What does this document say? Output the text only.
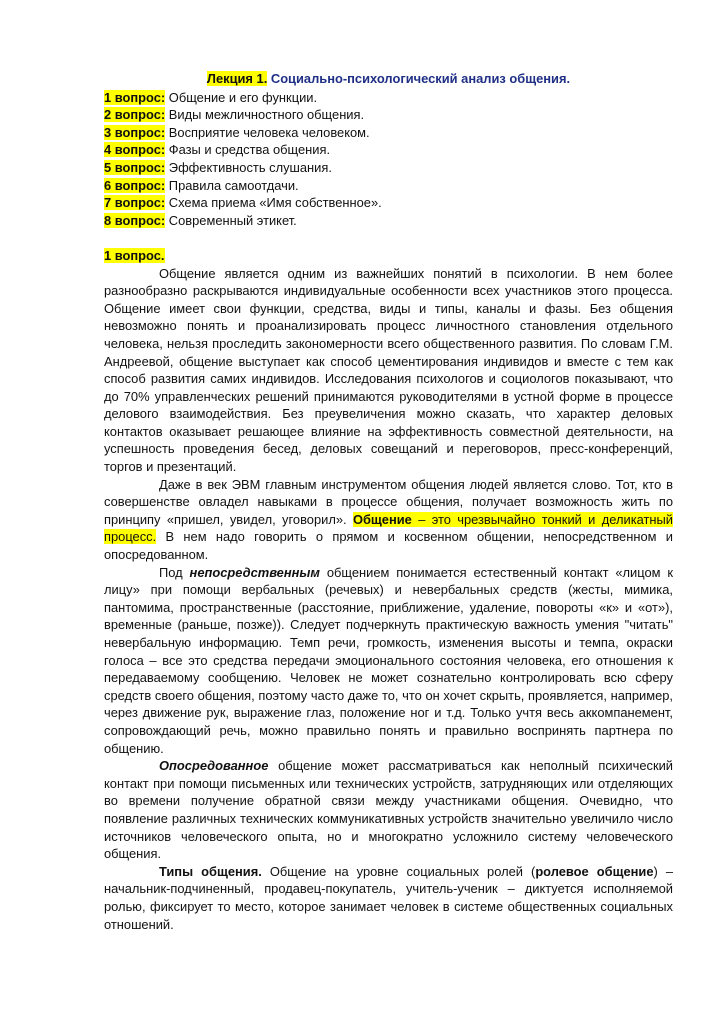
Лекция 1. Социально-психологический анализ общения.
1 вопрос: Общение и его функции.
2 вопрос: Виды межличностного общения.
3 вопрос: Восприятие человека человеком.
4 вопрос: Фазы и средства общения.
5 вопрос: Эффективность слушания.
6 вопрос: Правила самоотдачи.
7 вопрос: Схема приема «Имя собственное».
8 вопрос: Современный этикет.
1 вопрос.

Общение является одним из важнейших понятий в психологии. В нем более разнообразно раскрываются индивидуальные особенности всех участников этого процесса. Общение имеет свои функции, средства, виды и типы, каналы и фазы. Без общения невозможно понять и проанализировать процесс личностного становления отдельного человека, нельзя проследить закономерности всего общественного развития. По словам Г.М. Андреевой, общение выступает как способ цементирования индивидов и вместе с тем как способ развития самих индивидов. Исследования психологов и социологов показывают, что до 70% управленческих решений принимаются руководителями в устной форме в процессе делового взаимодействия. Без преувеличения можно сказать, что характер деловых контактов оказывает решающее влияние на эффективность совместной деятельности, на успешность проведения бесед, деловых совещаний и переговоров, пресс-конференций, торгов и презентаций.

Даже в век ЭВМ главным инструментом общения людей является слово. Тот, кто в совершенстве овладел навыками в процессе общения, получает возможность жить по принципу «пришел, увидел, уговорил». Общение – это чрезвычайно тонкий и деликатный процесс. В нем надо говорить о прямом и косвенном общении, непосредственном и опосредованном.

Под непосредственным общением понимается естественный контакт «лицом к лицу» при помощи вербальных (речевых) и невербальных средств (жесты, мимика, пантомима, пространственные (расстояние, приближение, удаление, повороты «к» и «от»), временные (раньше, позже)). Следует подчеркнуть практическую важность умения "читать" невербальную информацию. Темп речи, громкость, изменения высоты и темпа, окраски голоса – все это средства передачи эмоционального состояния человека, его отношения к передаваемому сообщению. Человек не может сознательно контролировать всю сферу средств своего общения, поэтому часто даже то, что он хочет скрыть, проявляется, например, через движение рук, выражение глаз, положение ног и т.д. Только учтя весь аккомпанемент, сопровождающий речь, можно правильно понять и правильно воспринять партнера по общению.

Опосредованное общение может рассматриваться как неполный психический контакт при помощи письменных или технических устройств, затрудняющих или отделяющих во времени получение обратной связи между участниками общения. Очевидно, что появление различных технических коммуникативных устройств значительно увеличило число источников человеческого опыта, но и многократно усложнило систему человеческого общения.

Типы общения. Общение на уровне социальных ролей (ролевое общение) – начальник-подчиненный, продавец-покупатель, учитель-ученик – диктуется исполняемой ролью, фиксирует то место, которое занимает человек в системе общественных социальных отношений.
